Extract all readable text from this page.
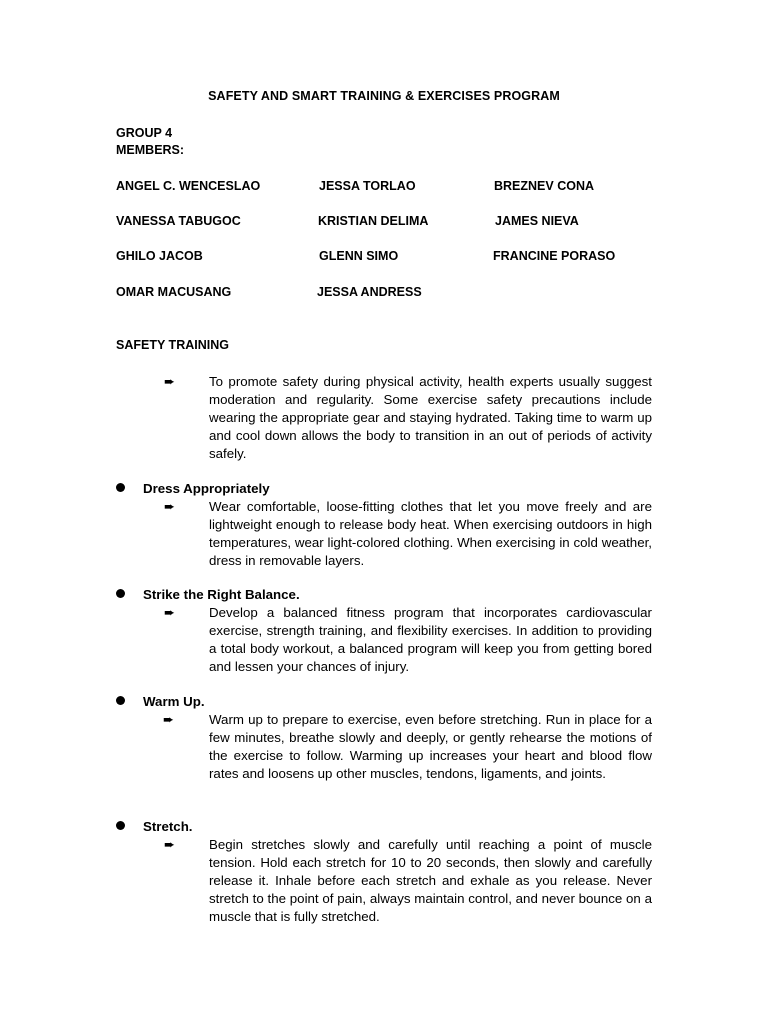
SAFETY AND SMART TRAINING & EXERCISES PROGRAM
GROUP 4
MEMBERS:
ANGEL C. WENCESLAO	JESSA TORLAO	BREZNEV CONA
VANESSA TABUGOC	KRISTIAN DELIMA	JAMES NIEVA
GHILO JACOB	GLENN SIMO	FRANCINE PORASO
OMAR MACUSANG	JESSA ANDRESS
SAFETY TRAINING
➨	To promote safety during physical activity, health experts usually suggest moderation and regularity. Some exercise safety precautions include wearing the appropriate gear and staying hydrated. Taking time to warm up and cool down allows the body to transition in an out of periods of activity safely.
Dress Appropriately
➨	Wear comfortable, loose-fitting clothes that let you move freely and are lightweight enough to release body heat. When exercising outdoors in high temperatures, wear light-colored clothing. When exercising in cold weather, dress in removable layers.
Strike the Right Balance.
➨	Develop a balanced fitness program that incorporates cardiovascular exercise, strength training, and flexibility exercises. In addition to providing a total body workout, a balanced program will keep you from getting bored and lessen your chances of injury.
Warm Up.
➨	Warm up to prepare to exercise, even before stretching. Run in place for a few minutes, breathe slowly and deeply, or gently rehearse the motions of the exercise to follow. Warming up increases your heart and blood flow rates and loosens up other muscles, tendons, ligaments, and joints.
Stretch.
➨	Begin stretches slowly and carefully until reaching a point of muscle tension. Hold each stretch for 10 to 20 seconds, then slowly and carefully release it. Inhale before each stretch and exhale as you release. Never stretch to the point of pain, always maintain control, and never bounce on a muscle that is fully stretched.
